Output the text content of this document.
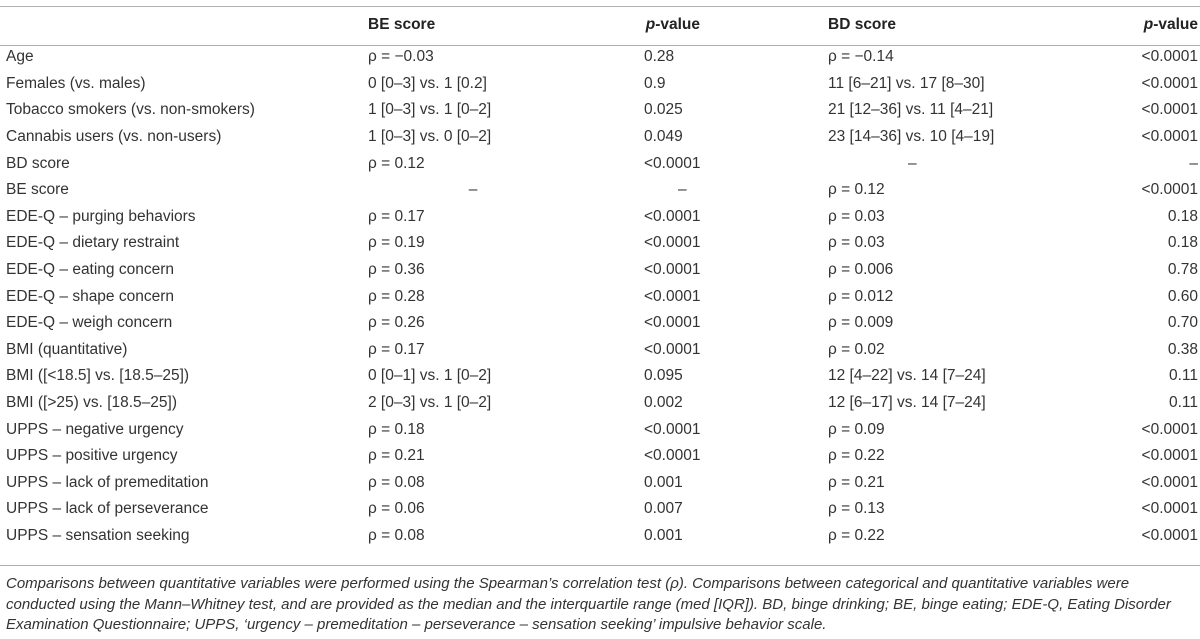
	BE score	p-value	BD score	p-value
Age	ρ = −0.03	0.28	ρ = −0.14	<0.0001
Females (vs. males)	0 [0–3] vs. 1 [0.2]	0.9	11 [6–21] vs. 17 [8–30]	<0.0001
Tobacco smokers (vs. non-smokers)	1 [0–3] vs. 1 [0–2]	0.025	21 [12–36] vs. 11 [4–21]	<0.0001
Cannabis users (vs. non-users)	1 [0–3] vs. 0 [0–2]	0.049	23 [14–36] vs. 10 [4–19]	<0.0001
BD score	ρ = 0.12	<0.0001	–	–
BE score	–	–	ρ = 0.12	<0.0001
EDE-Q – purging behaviors	ρ = 0.17	<0.0001	ρ = 0.03	0.18
EDE-Q – dietary restraint	ρ = 0.19	<0.0001	ρ = 0.03	0.18
EDE-Q – eating concern	ρ = 0.36	<0.0001	ρ = 0.006	0.78
EDE-Q – shape concern	ρ = 0.28	<0.0001	ρ = 0.012	0.60
EDE-Q – weigh concern	ρ = 0.26	<0.0001	ρ = 0.009	0.70
BMI (quantitative)	ρ = 0.17	<0.0001	ρ = 0.02	0.38
BMI ([<18.5] vs. [18.5–25])	0 [0–1] vs. 1 [0–2]	0.095	12 [4–22] vs. 14 [7–24]	0.11
BMI ([>25) vs. [18.5–25])	2 [0–3] vs. 1 [0–2]	0.002	12 [6–17] vs. 14 [7–24]	0.11
UPPS – negative urgency	ρ = 0.18	<0.0001	ρ = 0.09	<0.0001
UPPS – positive urgency	ρ = 0.21	<0.0001	ρ = 0.22	<0.0001
UPPS – lack of premeditation	ρ = 0.08	0.001	ρ = 0.21	<0.0001
UPPS – lack of perseverance	ρ = 0.06	0.007	ρ = 0.13	<0.0001
UPPS – sensation seeking	ρ = 0.08	0.001	ρ = 0.22	<0.0001
Comparisons between quantitative variables were performed using the Spearman’s correlation test (ρ). Comparisons between categorical and quantitative variables were conducted using the Mann–Whitney test, and are provided as the median and the interquartile range (med [IQR]). BD, binge drinking; BE, binge eating; EDE-Q, Eating Disorder Examination Questionnaire; UPPS, ‘urgency – premeditation – perseverance – sensation seeking’ impulsive behavior scale.
